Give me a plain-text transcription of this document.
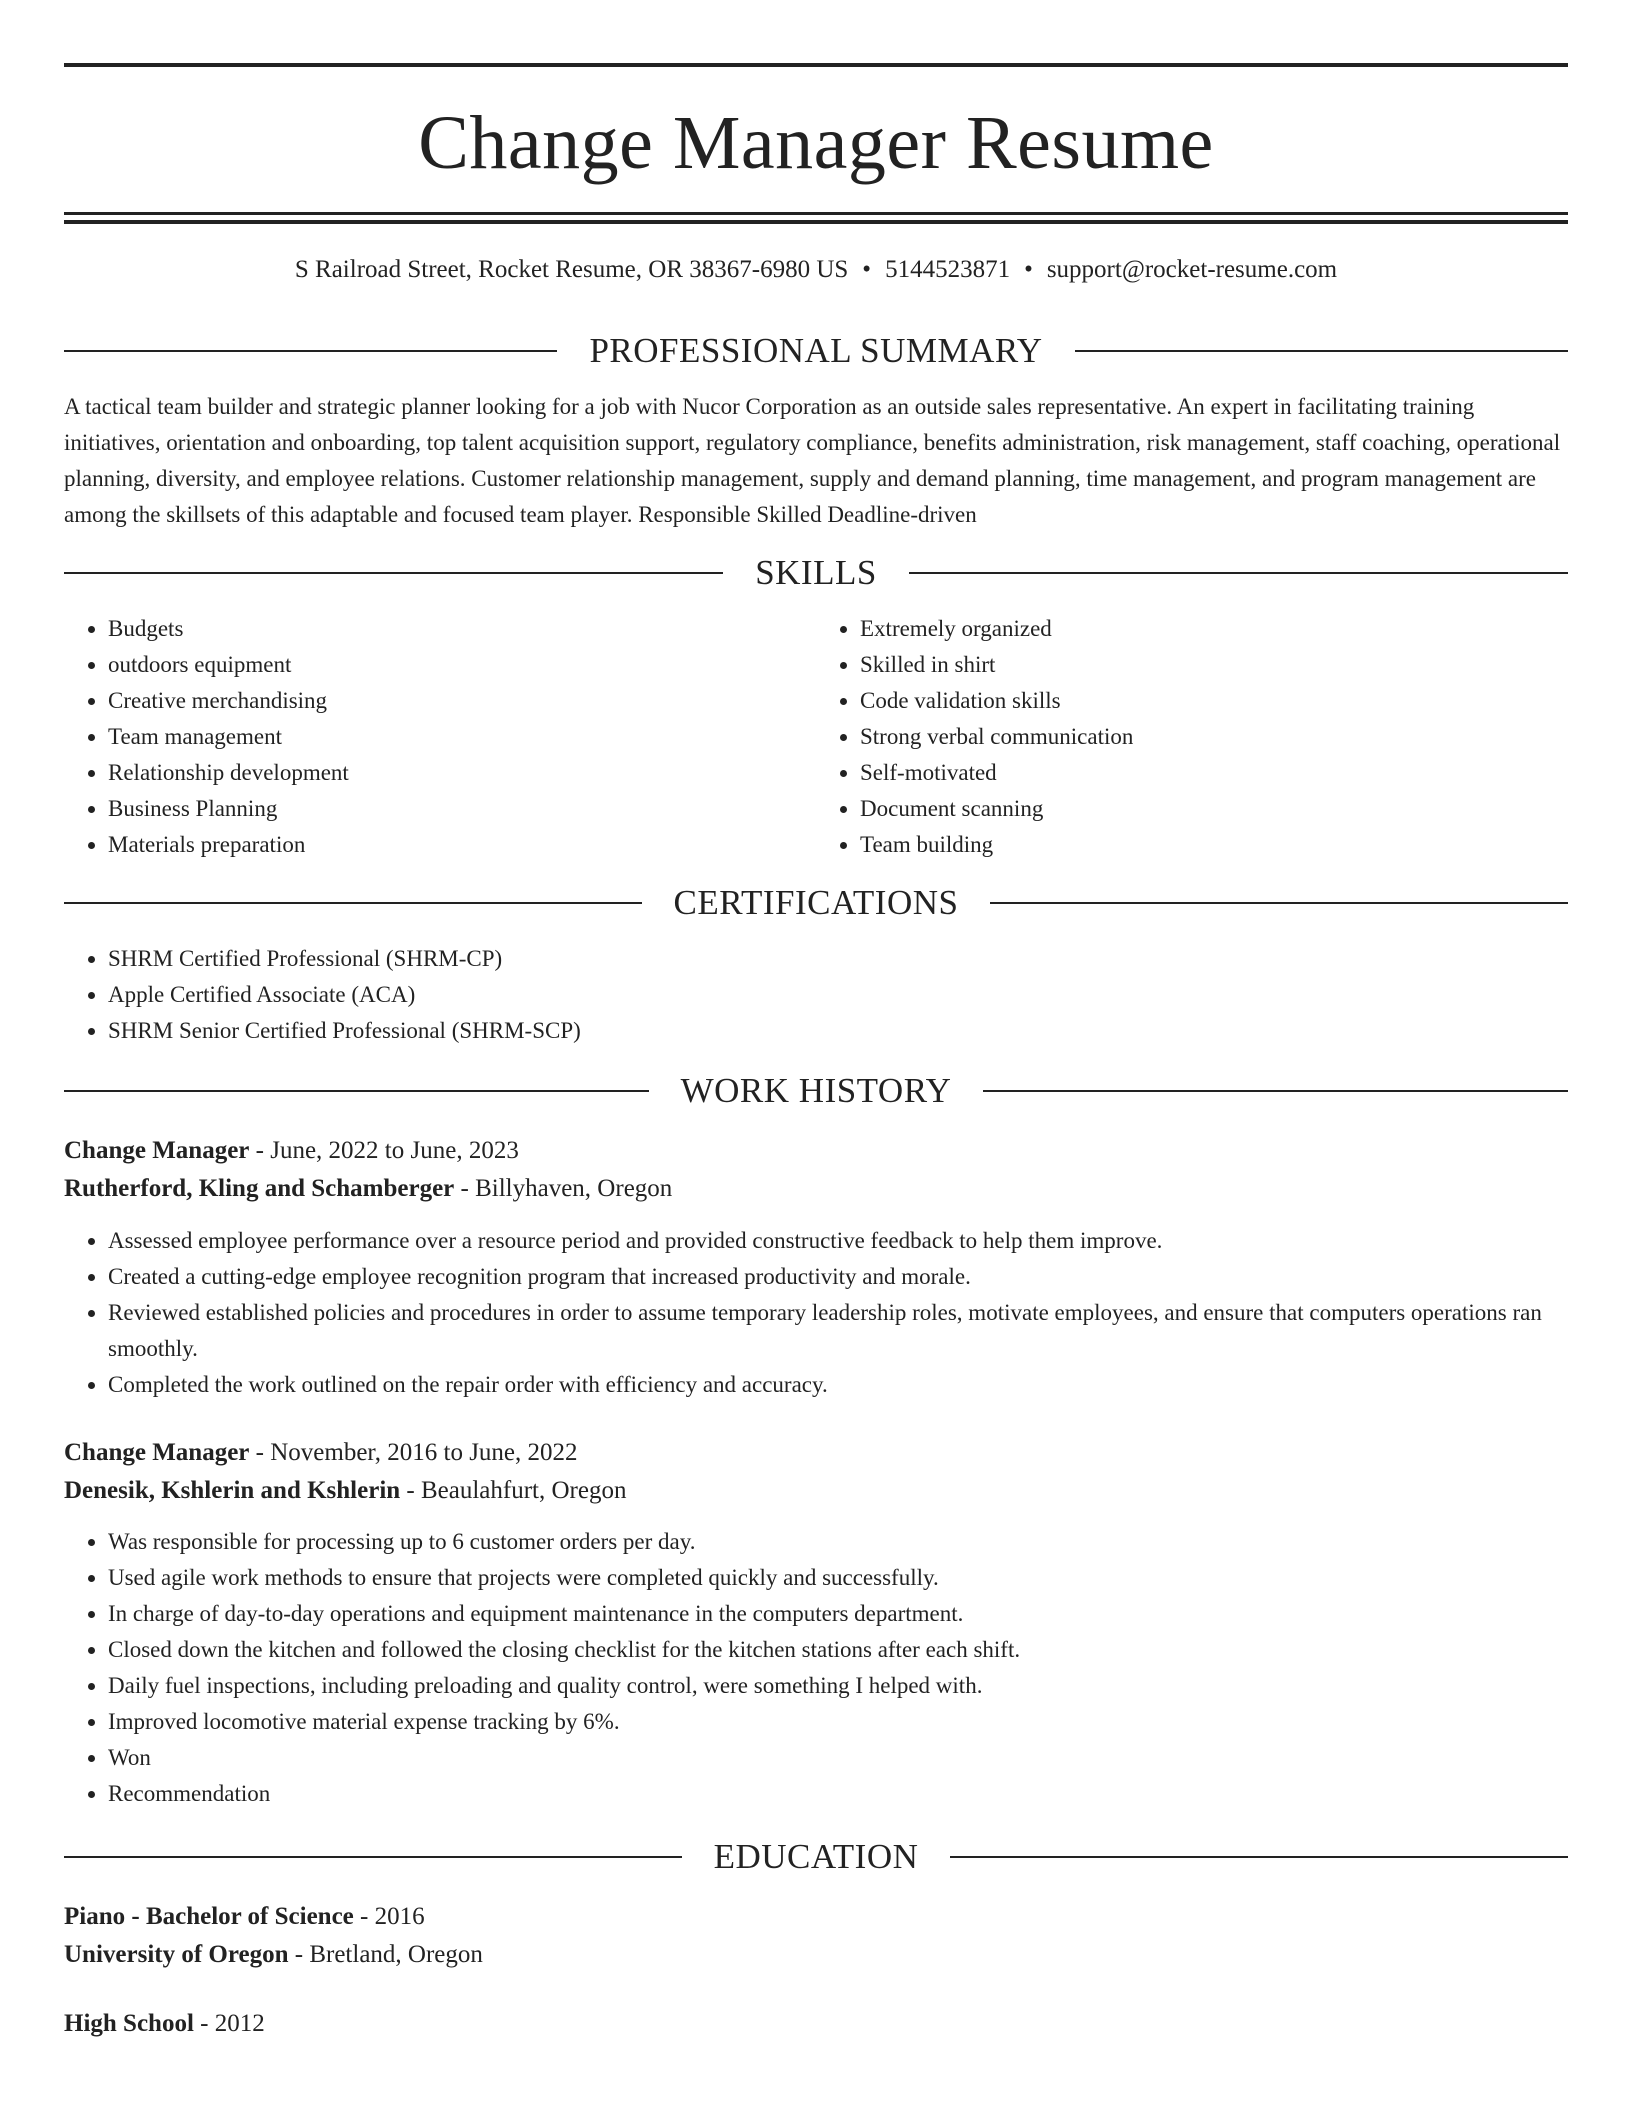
Change Manager Resume
S Railroad Street, Rocket Resume, OR 38367-6980 US • 5144523871 • support@rocket-resume.com
PROFESSIONAL SUMMARY

A tactical team builder and strategic planner looking for a job with Nucor Corporation as an outside sales representative. An expert in facilitating training initiatives, orientation and onboarding, top talent acquisition support, regulatory compliance, benefits administration, risk management, staff coaching, operational planning, diversity, and employee relations. Customer relationship management, supply and demand planning, time management, and program management are among the skillsets of this adaptable and focused team player. Responsible Skilled Deadline-driven

SKILLS
• Budgets
• outdoors equipment
• Creative merchandising
• Team management
• Relationship development
• Business Planning
• Materials preparation
• Extremely organized
• Skilled in shirt
• Code validation skills
• Strong verbal communication
• Self-motivated
• Document scanning
• Team building
CERTIFICATIONS
• SHRM Certified Professional (SHRM-CP)
• Apple Certified Associate (ACA)
• SHRM Senior Certified Professional (SHRM-SCP)
WORK HISTORY
Change Manager - June, 2022 to June, 2023
Rutherford, Kling and Schamberger - Billyhaven, Oregon
• Assessed employee performance over a resource period and provided constructive feedback to help them improve.
• Created a cutting-edge employee recognition program that increased productivity and morale.
• Reviewed established policies and procedures in order to assume temporary leadership roles, motivate employees, and ensure that computers operations ran smoothly.
• Completed the work outlined on the repair order with efficiency and accuracy.
Change Manager - November, 2016 to June, 2022
Denesik, Kshlerin and Kshlerin - Beaulahfurt, Oregon
• Was responsible for processing up to 6 customer orders per day.
• Used agile work methods to ensure that projects were completed quickly and successfully.
• In charge of day-to-day operations and equipment maintenance in the computers department.
• Closed down the kitchen and followed the closing checklist for the kitchen stations after each shift.
• Daily fuel inspections, including preloading and quality control, were something I helped with.
• Improved locomotive material expense tracking by 6%.
• Won
• Recommendation
EDUCATION
Piano - Bachelor of Science - 2016
University of Oregon - Bretland, Oregon
High School - 2012
